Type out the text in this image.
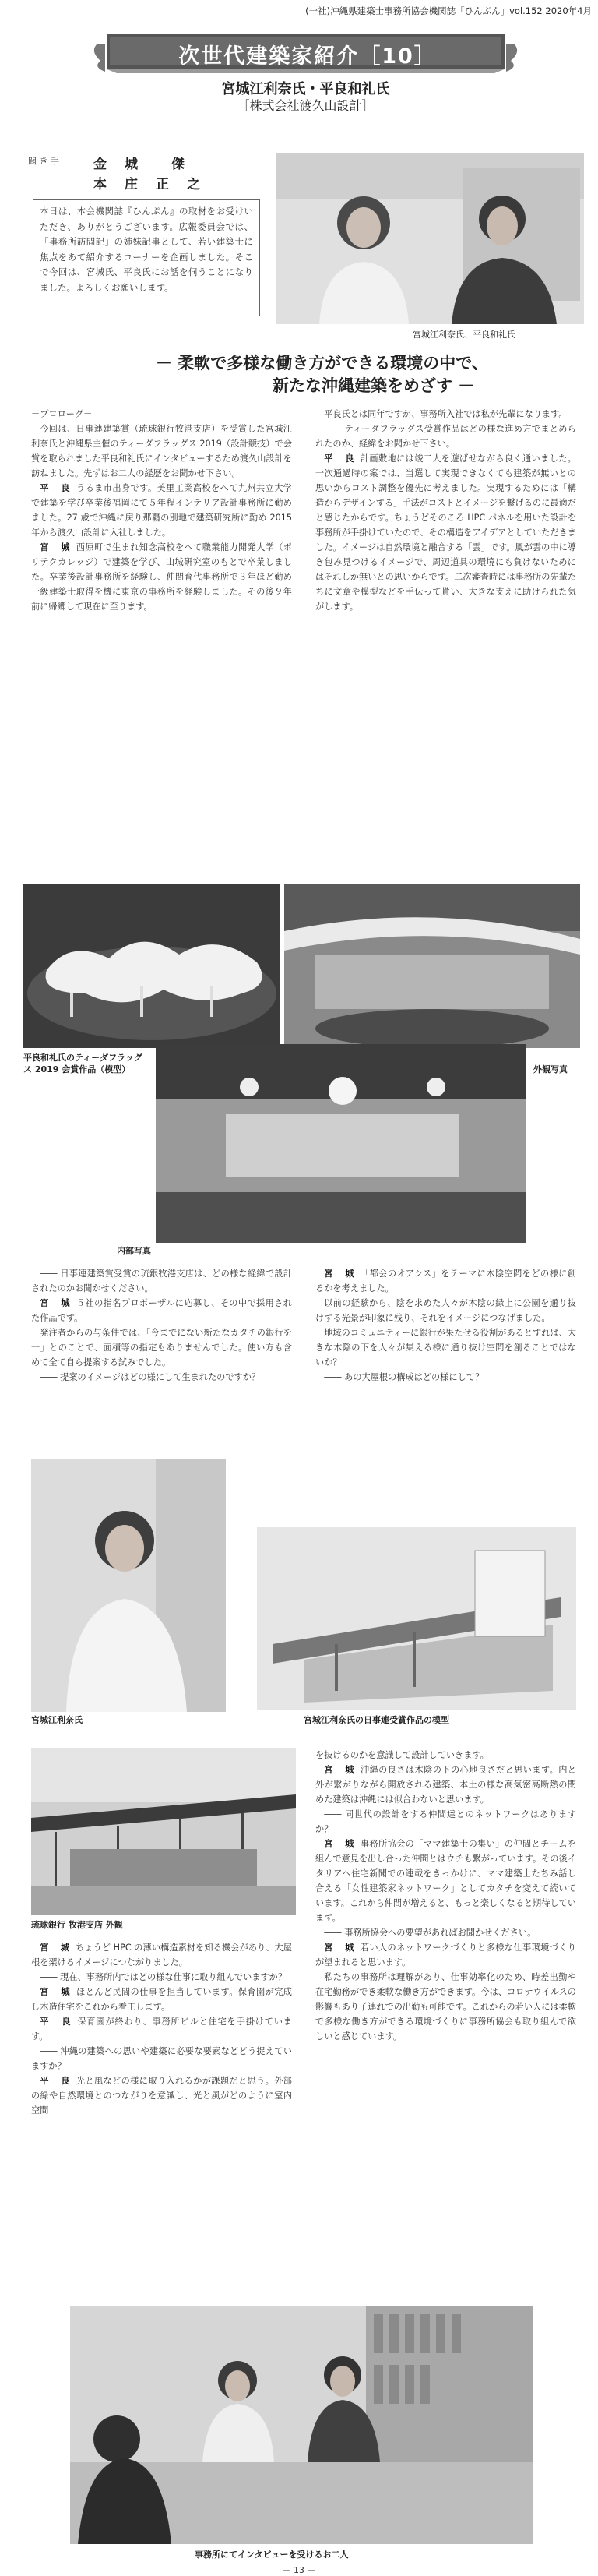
(一社)沖縄県建築士事務所協会機関誌「ひんぷん」vol.152 2020年4月
次世代建築家紹介［10］
宮城江利奈氏・平良和礼氏
［株式会社渡久山設計］
聞 き 手	金　城　　傑
本　庄　正　之
本日は、本会機関誌『ひんぷん』の取材をお受けいただき、ありがとうございます。広報委員会では、「事務所訪問記」の姉妹記事として、若い建築士に焦点をあて紹介するコーナーを企画しました。そこで今回は、宮城氏、平良氏にお話を伺うことになりました。よろしくお願いします。
宮城江利奈氏、平良和礼氏
－ 柔軟で多様な働き方ができる環境の中で、
新たな沖縄建築をめざす －

－プロローグ－

今回は、日事連建築賞（琉球銀行牧港支店）を受賞した宮城江利奈氏と沖縄県主催のティーダフラッグス 2019（設計競技）で会賞を取られました平良和礼氏にインタビューするため渡久山設計を訪ねました。先ずはお二人の経歴をお聞かせ下さい。

平　良 うるま市出身です。美里工業高校をへて九州共立大学で建築を学び卒業後福岡にて５年程インテリア設計事務所に勤めました。27 歳で沖縄に戻り那覇の別地で建築研究所に勤め 2015 年から渡久山設計に入社しました。

宮　城 西原町で生まれ知念高校をへて職業能力開発大学（ポリテクカレッジ）で建築を学び、山城研究室のもとで卒業しました。卒業後設計事務所を経験し、仲間育代事務所で３年ほど勤め一級建築士取得を機に東京の事務所を経験しました。その後９年前に帰郷して現在に至ります。

平良氏とは同年ですが、事務所入社では私が先輩になります。

―― ティーダフラッグス受賞作品はどの様な進め方でまとめられたのか、経緯をお聞かせ下さい。

平　良 計画敷地には竣二人を遊ばせながら良く通いました。一次通過時の案では、当選して実現できなくても建築が無いとの思いからコスト調整を優先に考えました。実現するためには「構造からデザインする」手法がコストとイメージを繋げるのに最適だと感じたからです。ちょうどそのころ HPC パネルを用いた設計を事務所が手掛けていたので、その構造をアイデアとしていただきました。イメージは自然環境と融合する「雲」です。風が雲の中に導き包み見つけるイメージで、周辺道具の環境にも負けないためにはそれしか無いとの思いからです。二次審査時には事務所の先輩たちに文章や模型などを手伝って貰い、大きな支えに助けられた気がします。

平良和礼氏のティーダフラッグス 2019 会賞作品（模型）	外観写真
内部写真

―― 日事連建築賞受賞の琉銀牧港支店は、どの様な経緯で設計されたのかお聞かせください。

宮　城 ５社の指名プロポーザルに応募し、その中で採用された作品です。

発注者からの与条件では、「今までにない新たなカタチの銀行を一」とのことで、面積等の指定もありませんでした。使い方も含めて全て自ら提案する試みでした。

―― 提案のイメージはどの様にして生まれたのですか？

宮　城 「都会のオアシス」をテーマに木陰空間をどの様に創るかを考えました。

以前の経験から、陰を求めた人々が木陰の緑上に公園を通り抜けする光景が印象に残り、それをイメージにつなげました。

地域のコミュニティーに銀行が果たせる役割があるとすれば、大きな木陰の下を人々が集える様に通り抜け空間を創ることではないか？

―― あの大屋根の構成はどの様にして？

宮城江利奈氏	宮城江利奈氏の日事連受賞作品の模型
琉球銀行 牧港支店 外観

宮　城 ちょうど HPC の薄い構造素材を知る機会があり、大屋根を架けるイメージにつながりました。

―― 現在、事務所内ではどの様な仕事に取り組んでいますか？

宮　城 ほとんど民間の仕事を担当しています。保育園が完成し木造住宅をこれから着工します。

平　良 保育園が終わり、事務所ビルと住宅を手掛けています。

―― 沖縄の建築への思いや建築に必要な要素などどう捉えていますか？

平　良 光と風などの様に取り入れるかが課題だと思う。外部の緑や自然環境とのつながりを意識し、光と風がどのように室内空間

を抜けるのかを意識して設計していきます。

宮　城 沖縄の良さは木陰の下の心地良さだと思います。内と外が繋がりながら開放される建築、本土の様な高気密高断熱の閉めた建築は沖縄には似合わないと思います。

―― 同世代の設計をする仲間達とのネットワークはありますか？

宮　城 事務所協会の「ママ建築士の集い」の仲間とチームを組んで意見を出し合った仲間とはウチも繋がっています。その後イタリアへ住宅新聞での連載をきっかけに、ママ建築士たちみ話し合える「女性建築家ネットワーク」としてカタチを変えて続いています。これから仲間が増えると、もっと楽しくなると期待しています。

―― 事務所協会への要望があればお聞かせください。

宮　城 若い人のネットワークづくりと多様な仕事環境づくりが望まれると思います。

私たちの事務所は理解があり、仕事効率化のため、時差出勤や在宅勤務ができ柔軟な働き方ができます。今は、コロナウイルスの影響もあり子連れでの出勤も可能です。これからの若い人には柔軟で多様な働き方ができる環境づくりに事務所協会も取り組んで欲しいと感じています。

事務所にてインタビューを受けるお二人
－ 13 －
